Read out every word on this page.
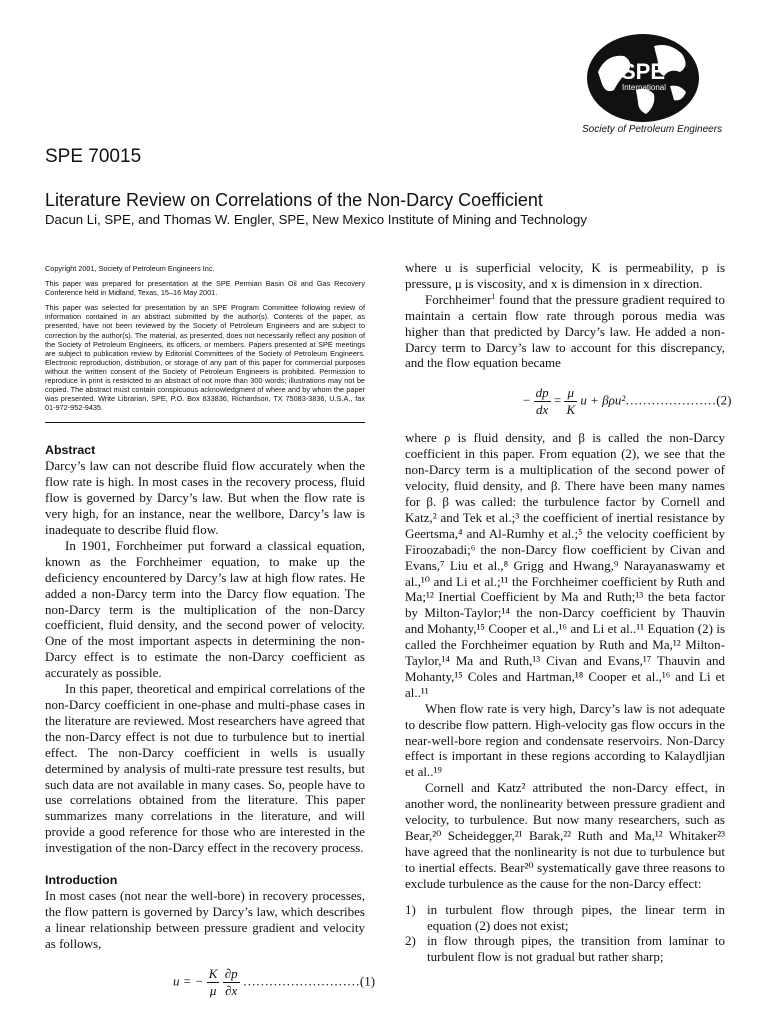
SPE
International
Society of Petroleum Engineers
SPE 70015
Literature Review on Correlations of the Non-Darcy Coefficient
Dacun Li, SPE, and Thomas W. Engler, SPE, New Mexico Institute of Mining and Technology

Copyright 2001, Society of Petroleum Engineers Inc.

This paper was prepared for presentation at the SPE Permian Basin Oil and Gas Recovery Conference held in Midland, Texas, 15–16 May 2001.

This paper was selected for presentation by an SPE Program Committee following review of information contained in an abstract submitted by the author(s). Contents of the paper, as presented, have not been reviewed by the Society of Petroleum Engineers and are subject to correction by the author(s). The material, as presented, does not necessarily reflect any position of the Society of Petroleum Engineers, its officers, or members. Papers presented at SPE meetings are subject to publication review by Editorial Committees of the Society of Petroleum Engineers. Electronic reproduction, distribution, or storage of any part of this paper for commercial purposes without the written consent of the Society of Petroleum Engineers is prohibited. Permission to reproduce in print is restricted to an abstract of not more than 300 words; illustrations may not be copied. The abstract must contain conspicuous acknowledgment of where and by whom the paper was presented. Write Librarian, SPE, P.O. Box 833836, Richardson, TX 75083-3836, U.S.A., fax 01-972-952-9435.

Abstract

Darcy’s law can not describe fluid flow accurately when the flow rate is high. In most cases in the recovery process, fluid flow is governed by Darcy’s law. But when the flow rate is very high, for an instance, near the wellbore, Darcy’s law is inadequate to describe fluid flow.

In 1901, Forchheimer put forward a classical equation, known as the Forchheimer equation, to make up the deficiency encountered by Darcy’s law at high flow rates. He added a non-Darcy term into the Darcy flow equation. The non-Darcy term is the multiplication of the non-Darcy coefficient, fluid density, and the second power of velocity. One of the most important aspects in determining the non-Darcy effect is to estimate the non-Darcy coefficient as accurately as possible.

In this paper, theoretical and empirical correlations of the non-Darcy coefficient in one-phase and multi-phase cases in the literature are reviewed. Most researchers have agreed that the non-Darcy effect is not due to turbulence but to inertial effect. The non-Darcy coefficient in wells is usually determined by analysis of multi-rate pressure test results, but such data are not available in many cases. So, people have to use correlations obtained from the literature. This paper summarizes many correlations in the literature, and will provide a good reference for those who are interested in the investigation of the non-Darcy effect in the recovery process.

Introduction

In most cases (not near the well-bore) in recovery processes, the flow pattern is governed by Darcy’s law, which describes a linear relationship between pressure gradient and velocity as follows,

u = − $\frac{K}{\mu}$
$\frac{\partial p}{\partial x}$ ………………………(1)

where u is superficial velocity, K is permeability, p is pressure, μ is viscosity, and x is dimension in x direction.

Forchheimer$^1$ found that the pressure gradient required to maintain a certain flow rate through porous media was higher than that predicted by Darcy’s law. He added a non-Darcy term to Darcy’s law to account for this discrepancy, and the flow equation became

− $\frac{dp}{dx} = \frac{\mu}{K}$ u + βρu²…………………(2)

where ρ is fluid density, and β is called the non-Darcy coefficient in this paper. From equation (2), we see that the non-Darcy term is a multiplication of the second power of velocity, fluid density, and β. There have been many names for β. β was called: the turbulence factor by Cornell and Katz,² and Tek et al.;³ the coefficient of inertial resistance by Geertsma,⁴ and Al-Rumhy et al.;⁵ the velocity coefficient by Firoozabadi;⁶ the non-Darcy flow coefficient by Civan and Evans,⁷ Liu et al.,⁸ Grigg and Hwang,⁹ Narayanaswamy et al.,¹⁰ and Li et al.;¹¹ the Forchheimer coefficient by Ruth and Ma;¹² Inertial Coefficient by Ma and Ruth;¹³ the beta factor by Milton-Taylor;¹⁴ the non-Darcy coefficient by Thauvin and Mohanty,¹⁵ Cooper et al.,¹⁶ and Li et al..¹¹ Equation (2) is called the Forchheimer equation by Ruth and Ma,¹² Milton-Taylor,¹⁴ Ma and Ruth,¹³ Civan and Evans,¹⁷ Thauvin and Mohanty,¹⁵ Coles and Hartman,¹⁸ Cooper et al.,¹⁶ and Li et al..¹¹

When flow rate is very high, Darcy’s law is not adequate to describe flow pattern. High-velocity gas flow occurs in the near-well-bore region and condensate reservoirs. Non-Darcy effect is important in these regions according to Kalaydljian et al..¹⁹

Cornell and Katz² attributed the non-Darcy effect, in another word, the nonlinearity between pressure gradient and velocity, to turbulence. But now many researchers, such as Bear,²⁰ Scheidegger,²¹ Barak,²² Ruth and Ma,¹² Whitaker²³ have agreed that the nonlinearity is not due to turbulence but to inertial effects. Bear²⁰ systematically gave three reasons to exclude turbulence as the cause for the non-Darcy effect:

1) in turbulent flow through pipes, the linear term in equation (2) does not exist;
2) in flow through pipes, the transition from laminar to turbulent flow is not gradual but rather sharp;
